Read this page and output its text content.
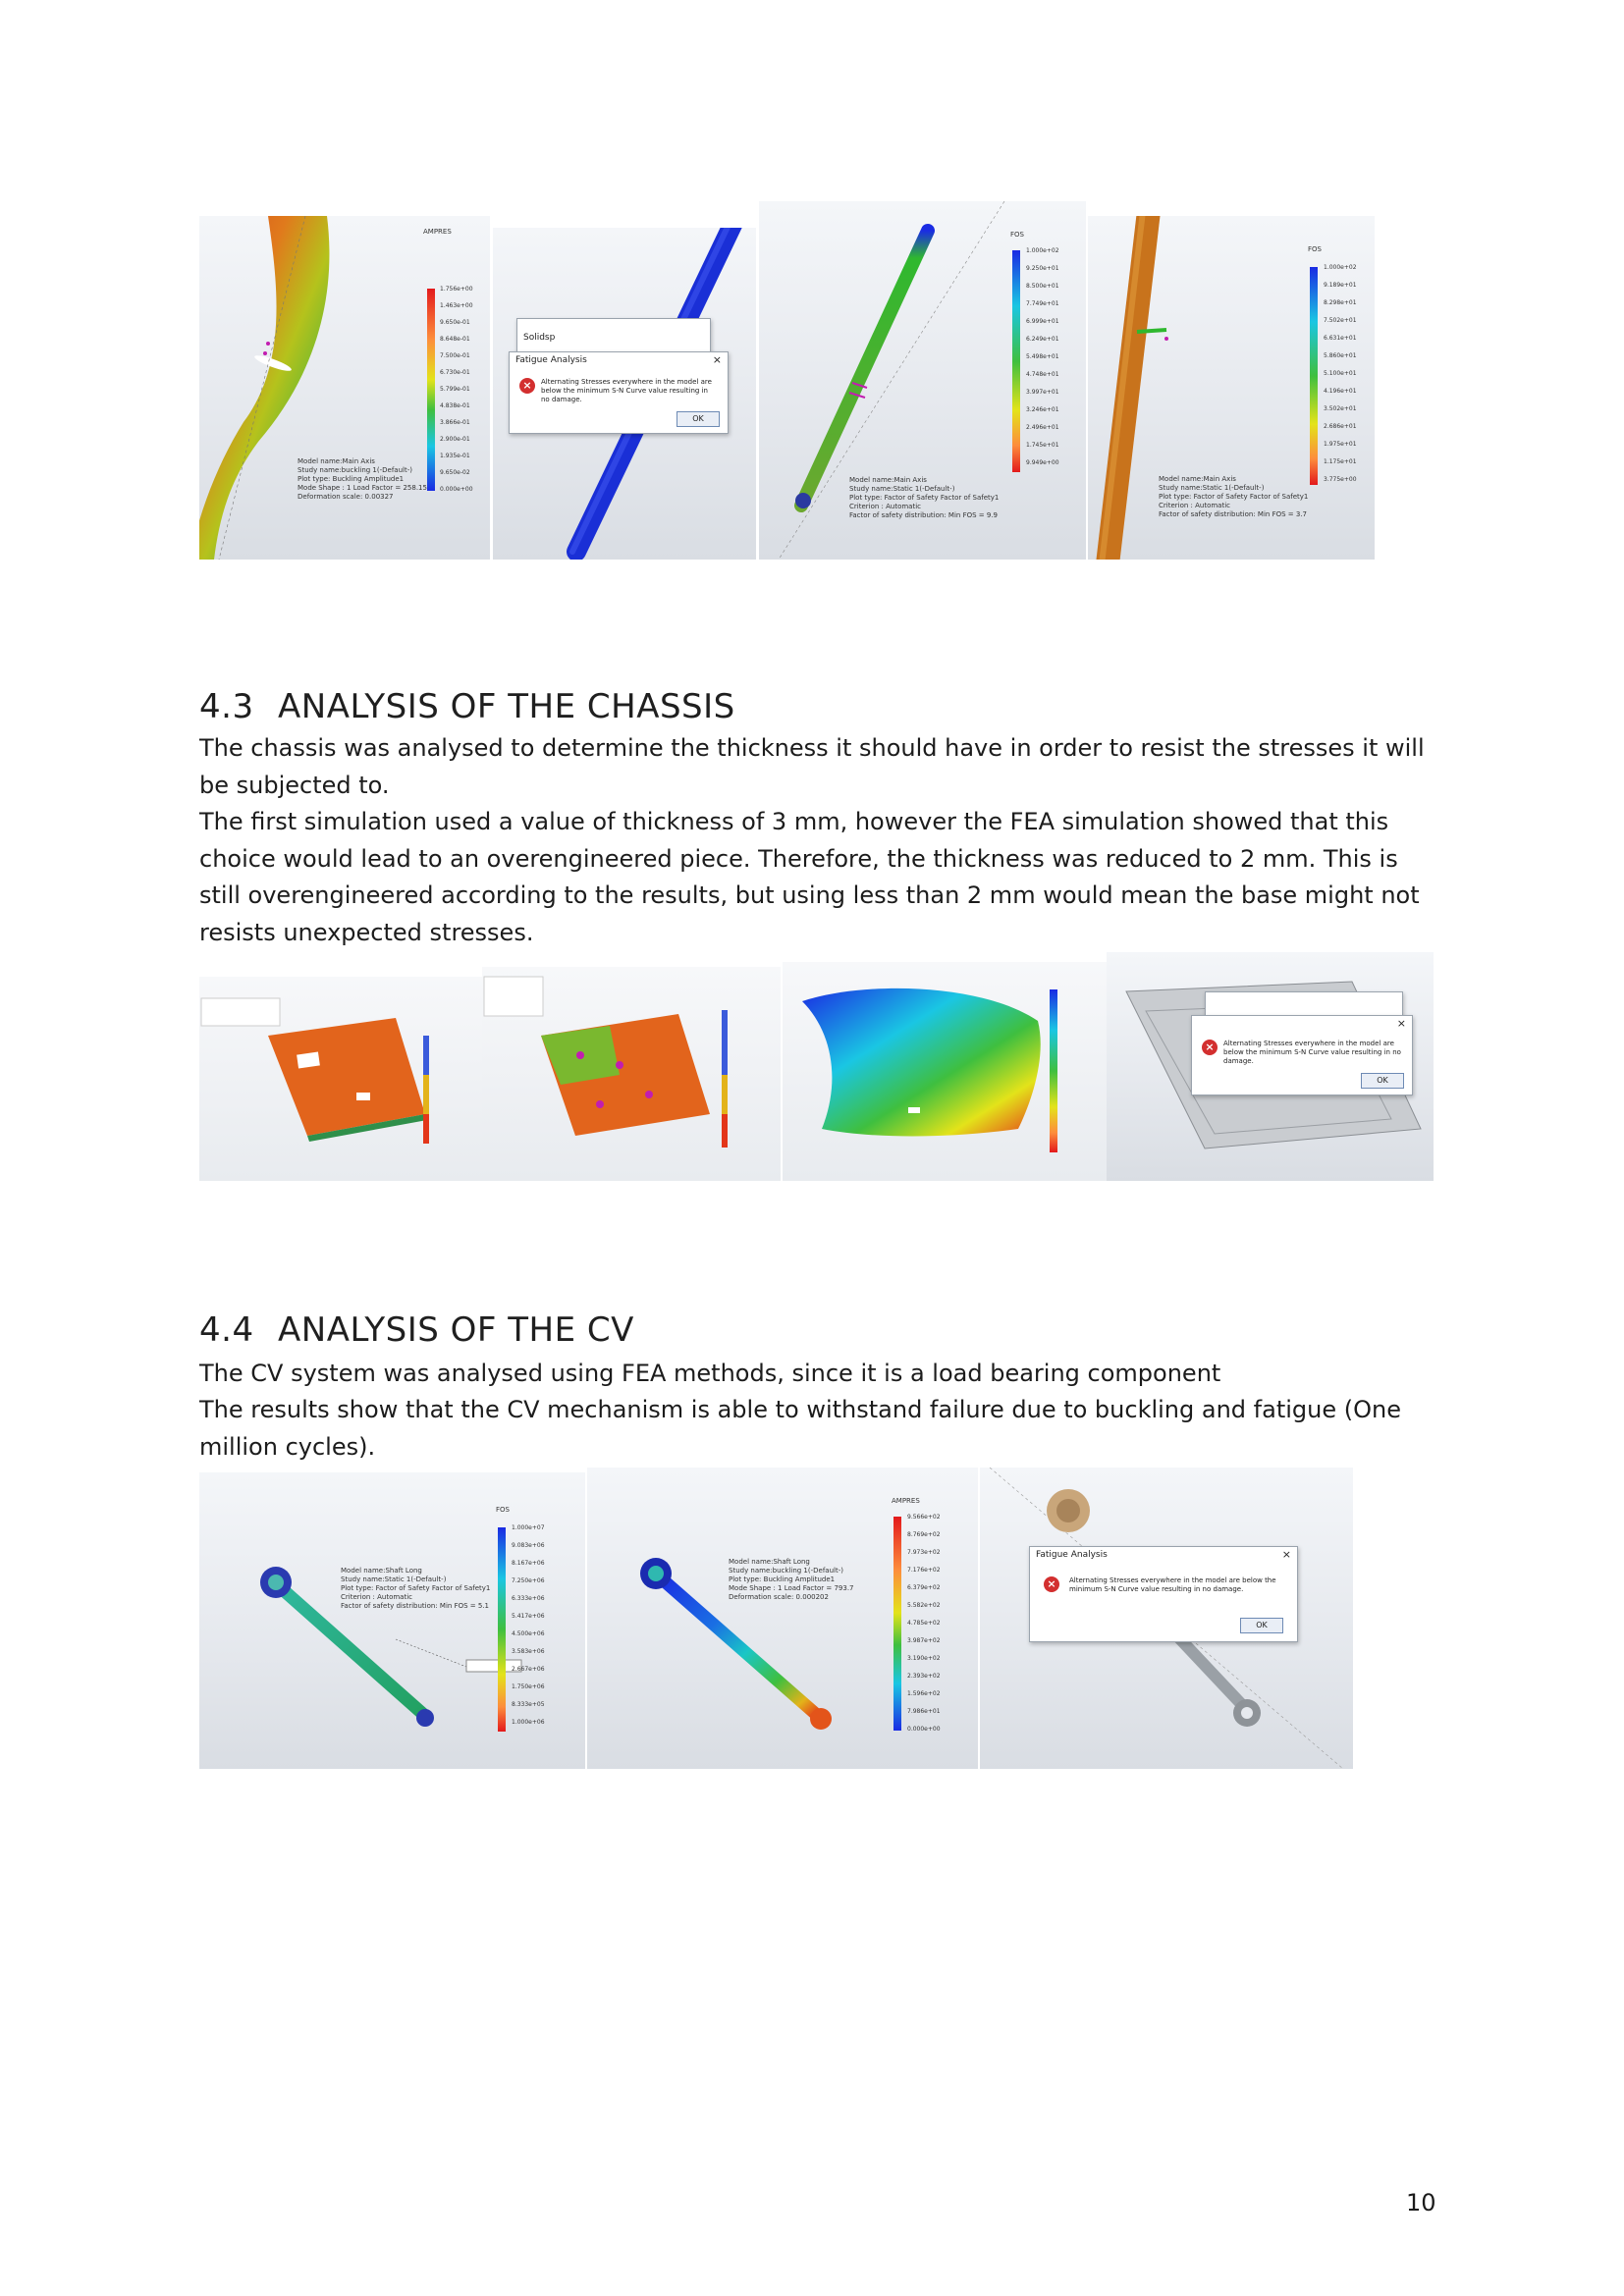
AMPRES
1.756e+00
1.463e+00
9.650e-01
8.648e-01
7.500e-01
6.730e-01
5.799e-01
4.838e-01
3.866e-01
2.900e-01
1.935e-01
9.650e-02
0.000e+00
Model name:Main Axis
Study name:buckling 1(-Default-)
Plot type: Buckling Amplitude1
Mode Shape : 1 Load Factor = 258.15
Deformation scale: 0.00327
Solidsp
Fatigue Analysis	×
×	Alternating Stresses everywhere in the model are below the minimum S-N Curve value resulting in no damage.
OK
FOS
1.000e+02
9.250e+01
8.500e+01
7.749e+01
6.999e+01
6.249e+01
5.498e+01
4.748e+01
3.997e+01
3.246e+01
2.496e+01
1.745e+01
9.949e+00
Model name:Main Axis
Study name:Static 1(-Default-)
Plot type: Factor of Safety Factor of Safety1
Criterion : Automatic
Factor of safety distribution: Min FOS = 9.9
FOS
1.000e+02
9.189e+01
8.298e+01
7.502e+01
6.631e+01
5.860e+01
5.100e+01
4.196e+01
3.502e+01
2.686e+01
1.975e+01
1.175e+01
3.775e+00
Model name:Main Axis
Study name:Static 1(-Default-)
Plot type: Factor of Safety Factor of Safety1
Criterion : Automatic
Factor of safety distribution: Min FOS = 3.7
4.3 ANALYSIS OF THE CHASSIS

The chassis was analysed to determine the thickness it should have in order to resist the stresses it will be subjected to.

The first simulation used a value of thickness of 3 mm, however the FEA simulation showed that this choice would lead to an overengineered piece. Therefore, the thickness was reduced to 2 mm. This is still overengineered according to the results, but using less than 2 mm would mean the base might not resists unexpected stresses.

×
×	Alternating Stresses everywhere in the model are below the minimum S-N Curve value resulting in no damage.
OK
4.4 ANALYSIS OF THE CV

The CV system was analysed using FEA methods, since it is a load bearing component

The results show that the CV mechanism is able to withstand failure due to buckling and fatigue (One million cycles).

FOS
1.000e+07
9.083e+06
8.167e+06
7.250e+06
6.333e+06
5.417e+06
4.500e+06
3.583e+06
2.667e+06
1.750e+06
8.333e+05
1.000e+06
Model name:Shaft Long
Study name:Static 1(-Default-)
Plot type: Factor of Safety Factor of Safety1
Criterion : Automatic
Factor of safety distribution: Min FOS = 5.1
AMPRES
9.566e+02
8.769e+02
7.973e+02
7.176e+02
6.379e+02
5.582e+02
4.785e+02
3.987e+02
3.190e+02
2.393e+02
1.596e+02
7.986e+01
0.000e+00
Model name:Shaft Long
Study name:buckling 1(-Default-)
Plot type: Buckling Amplitude1
Mode Shape : 1 Load Factor = 793.7
Deformation scale: 0.000202
Fatigue Analysis	×
×	Alternating Stresses everywhere in the model are below the minimum S-N Curve value resulting in no damage.
OK
10
